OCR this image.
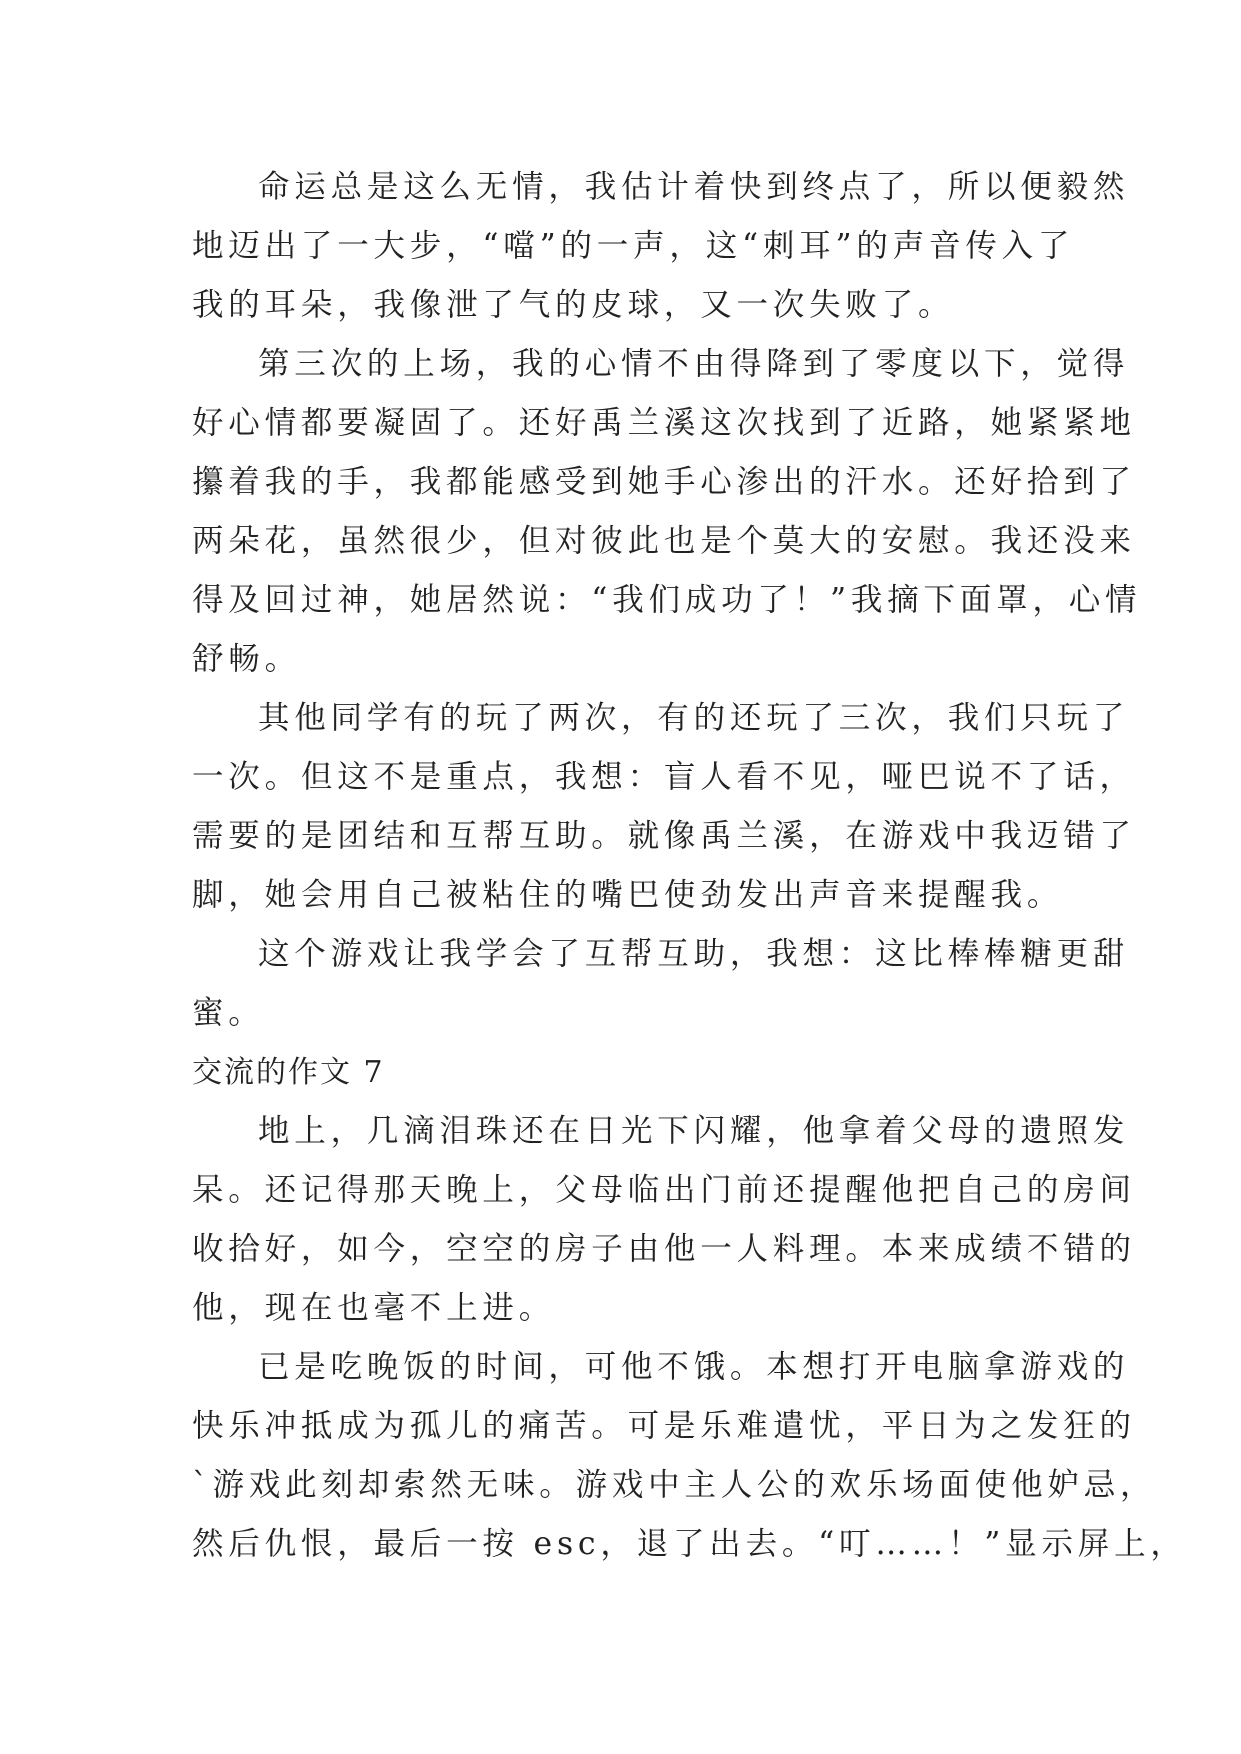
命运总是这么无情，我估计着快到终点了，所以便毅然
地迈出了一大步，“噹”的一声，这“刺耳”的声音传入了
我的耳朵，我像泄了气的皮球，又一次失败了。
第三次的上场，我的心情不由得降到了零度以下，觉得
好心情都要凝固了。还好禹兰溪这次找到了近路，她紧紧地
攥着我的手，我都能感受到她手心渗出的汗水。还好拾到了
两朵花，虽然很少，但对彼此也是个莫大的安慰。我还没来
得及回过神，她居然说：“我们成功了！”我摘下面罩，心情
舒畅。
其他同学有的玩了两次，有的还玩了三次，我们只玩了
一次。但这不是重点，我想：盲人看不见，哑巴说不了话，
需要的是团结和互帮互助。就像禹兰溪，在游戏中我迈错了
脚，她会用自己被粘住的嘴巴使劲发出声音来提醒我。
这个游戏让我学会了互帮互助，我想：这比棒棒糖更甜
蜜。
交流的作文 7
地上，几滴泪珠还在日光下闪耀，他拿着父母的遗照发
呆。还记得那天晚上，父母临出门前还提醒他把自己的房间
收拾好，如今，空空的房子由他一人料理。本来成绩不错的
他，现在也毫不上进。
已是吃晚饭的时间，可他不饿。本想打开电脑拿游戏的
快乐冲抵成为孤儿的痛苦。可是乐难遣忧，平日为之发狂的
`游戏此刻却索然无味。游戏中主人公的欢乐场面使他妒忌，
然后仇恨，最后一按 esc，退了出去。“叮……！”显示屏上，
